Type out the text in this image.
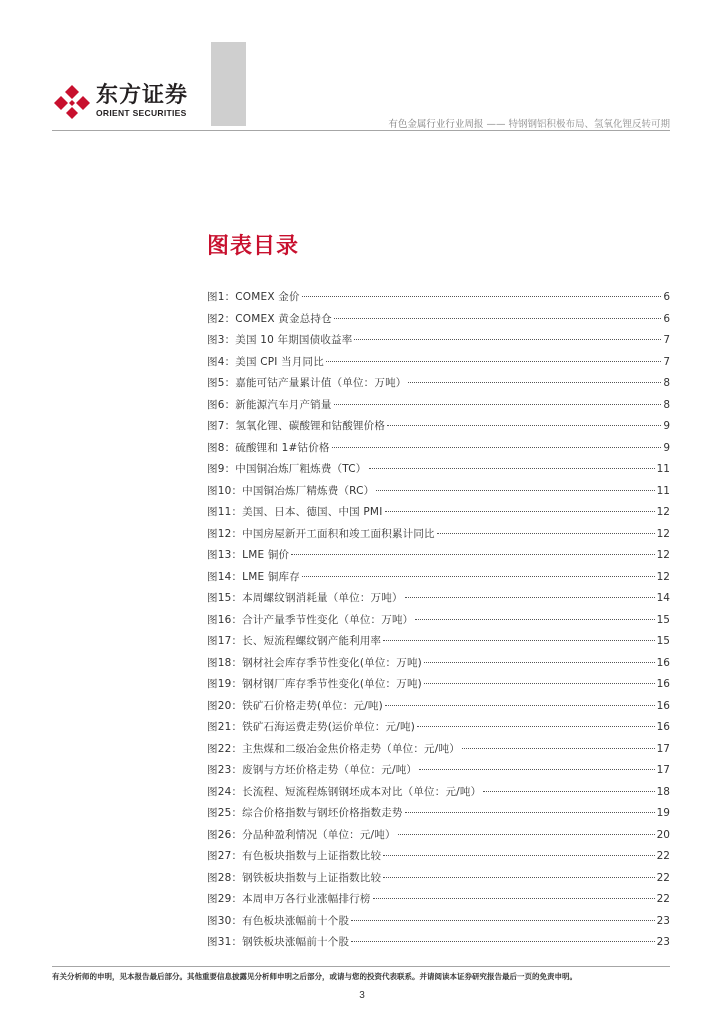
东方证券
ORIENT SECURITIES
有色金属行业行业周报 —— 特钢钢铝积极布局、氢氧化锂反转可期
图表目录
图1：COMEX 金价	6
图2：COMEX 黄金总持仓	6
图3：美国 10 年期国债收益率	7
图4：美国 CPI 当月同比	7
图5：嘉能可钴产量累计值（单位：万吨）	8
图6：新能源汽车月产销量	8
图7：氢氧化锂、碳酸锂和钴酸锂价格	9
图8：硫酸锂和 1#钴价格	9
图9：中国铜冶炼厂粗炼费（TC）	11
图10：中国铜冶炼厂精炼费（RC）	11
图11：美国、日本、德国、中国 PMI	12
图12：中国房屋新开工面积和竣工面积累计同比	12
图13：LME 铜价	12
图14：LME 铜库存	12
图15：本周螺纹钢消耗量（单位：万吨）	14
图16：合计产量季节性变化（单位：万吨）	15
图17：长、短流程螺纹钢产能利用率	15
图18：钢材社会库存季节性变化(单位：万吨)	16
图19：钢材钢厂库存季节性变化(单位：万吨)	16
图20：铁矿石价格走势(单位：元/吨)	16
图21：铁矿石海运费走势(运价单位：元/吨)	16
图22：主焦煤和二级冶金焦价格走势（单位：元/吨）	17
图23：废钢与方坯价格走势（单位：元/吨）	17
图24：长流程、短流程炼钢钢坯成本对比（单位：元/吨）	18
图25：综合价格指数与钢坯价格指数走势	19
图26：分品种盈利情况（单位：元/吨）	20
图27：有色板块指数与上证指数比较	22
图28：钢铁板块指数与上证指数比较	22
图29：本周申万各行业涨幅排行榜	22
图30：有色板块涨幅前十个股	23
图31：钢铁板块涨幅前十个股	23
有关分析师的申明，见本报告最后部分。其他重要信息披露见分析师申明之后部分，或请与您的投资代表联系。并请阅读本证券研究报告最后一页的免责申明。
3
